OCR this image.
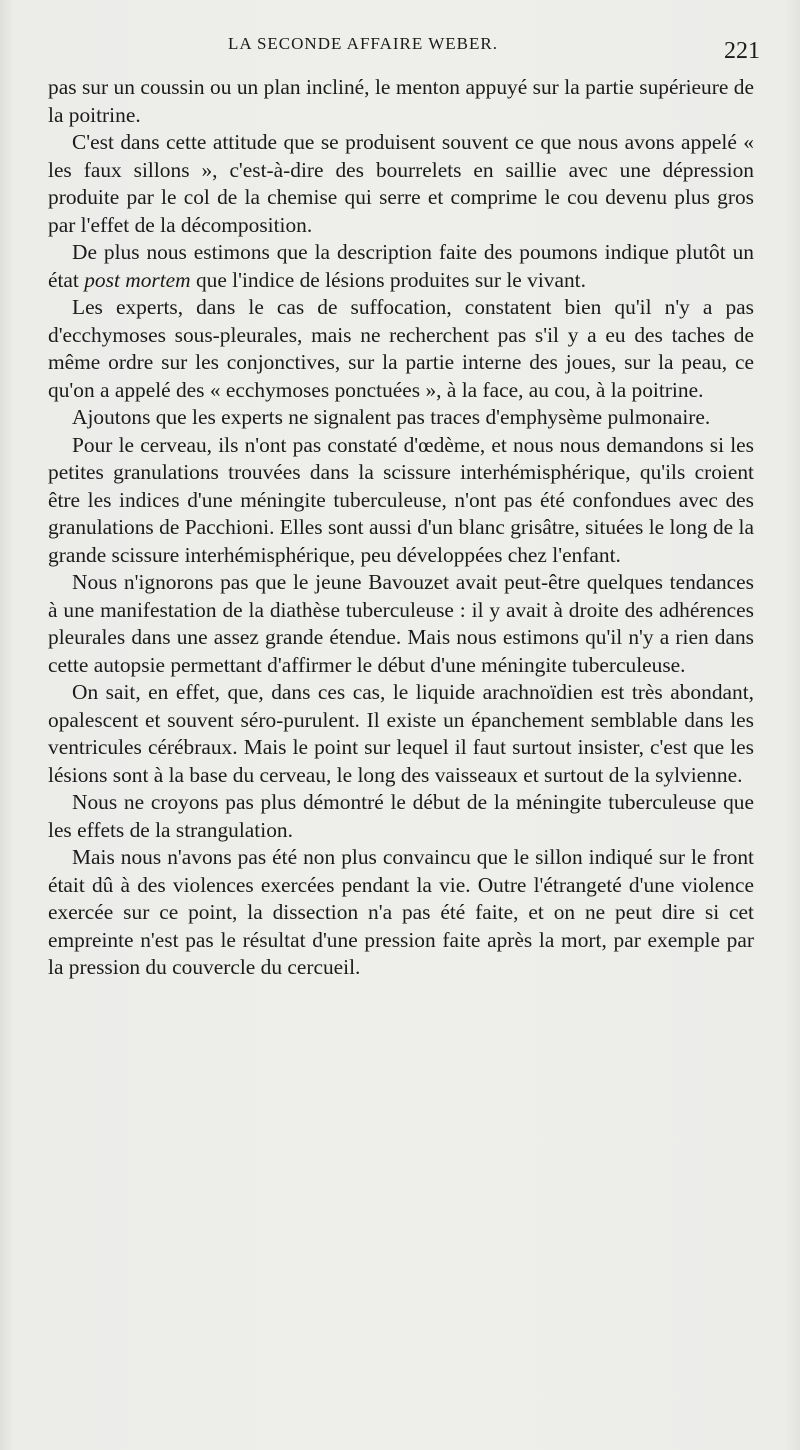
LA SECONDE AFFAIRE WEBER.	221

pas sur un coussin ou un plan incliné, le menton appuyé sur la partie supérieure de la poitrine.

C'est dans cette attitude que se produisent souvent ce que nous avons appelé « les faux sillons », c'est-à-dire des bourrelets en saillie avec une dépression produite par le col de la chemise qui serre et comprime le cou devenu plus gros par l'effet de la décomposition.

De plus nous estimons que la description faite des poumons indique plutôt un état post mortem que l'indice de lésions produites sur le vivant.

Les experts, dans le cas de suffocation, constatent bien qu'il n'y a pas d'ecchymoses sous-pleurales, mais ne recherchent pas s'il y a eu des taches de même ordre sur les conjonctives, sur la partie interne des joues, sur la peau, ce qu'on a appelé des « ecchymoses ponctuées », à la face, au cou, à la poitrine.

Ajoutons que les experts ne signalent pas traces d'emphysème pulmonaire.

Pour le cerveau, ils n'ont pas constaté d'œdème, et nous nous demandons si les petites granulations trouvées dans la scissure interhémisphérique, qu'ils croient être les indices d'une méningite tuberculeuse, n'ont pas été confondues avec des granulations de Pacchioni. Elles sont aussi d'un blanc grisâtre, situées le long de la grande scissure interhémisphérique, peu développées chez l'enfant.

Nous n'ignorons pas que le jeune Bavouzet avait peut-être quelques tendances à une manifestation de la diathèse tuberculeuse : il y avait à droite des adhérences pleurales dans une assez grande étendue. Mais nous estimons qu'il n'y a rien dans cette autopsie permettant d'affirmer le début d'une méningite tuberculeuse.

On sait, en effet, que, dans ces cas, le liquide arachnoïdien est très abondant, opalescent et souvent séro-purulent. Il existe un épanchement semblable dans les ventricules cérébraux. Mais le point sur lequel il faut surtout insister, c'est que les lésions sont à la base du cerveau, le long des vaisseaux et surtout de la sylvienne.

Nous ne croyons pas plus démontré le début de la méningite tuberculeuse que les effets de la strangulation.

Mais nous n'avons pas été non plus convaincu que le sillon indiqué sur le front était dû à des violences exercées pendant la vie. Outre l'étrangeté d'une violence exercée sur ce point, la dissection n'a pas été faite, et on ne peut dire si cet empreinte n'est pas le résultat d'une pression faite après la mort, par exemple par la pression du couvercle du cercueil.
